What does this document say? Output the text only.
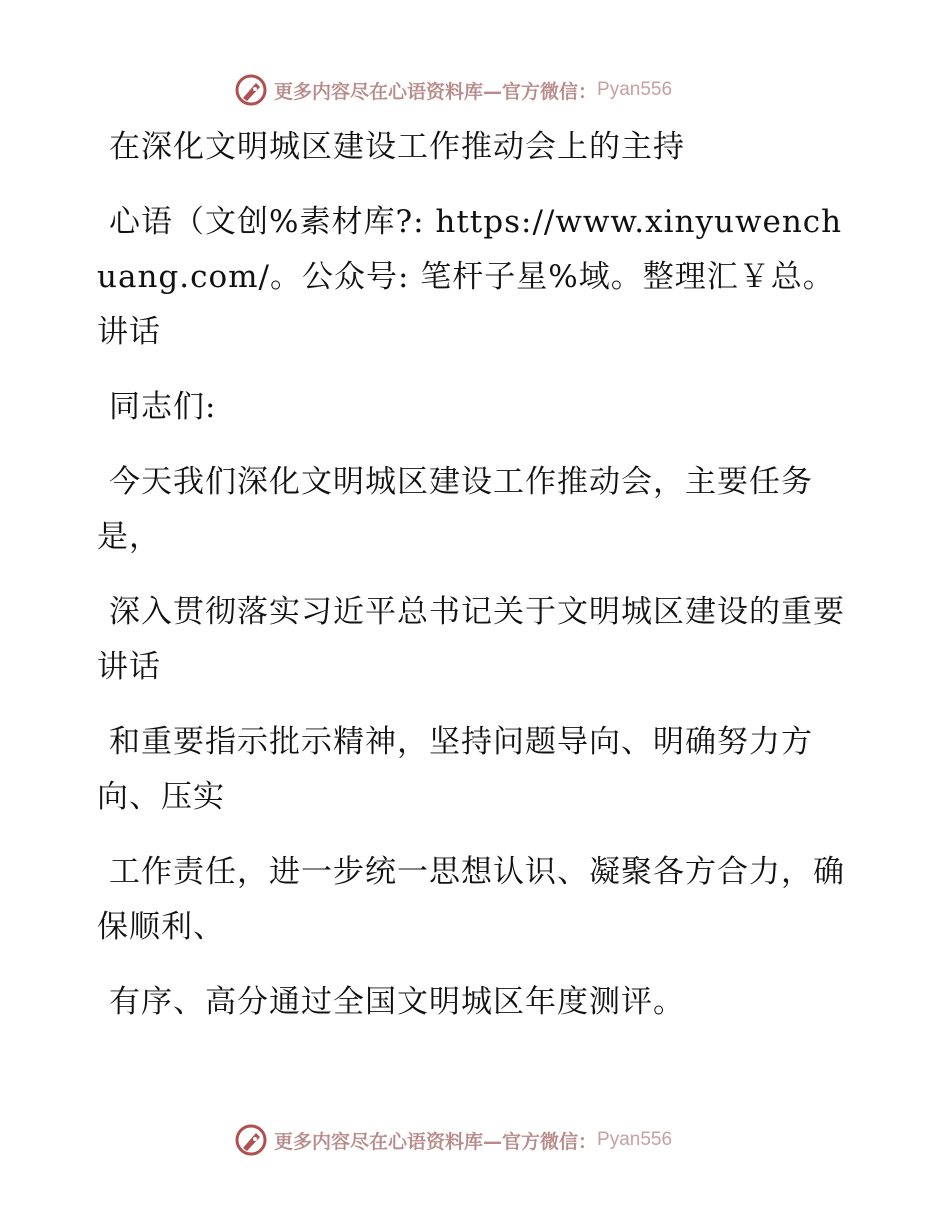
更多内容尽在心语资料库—官方微信： Pyan556

在深化文明城区建设工作推动会上的主持

心语（文创%素材库?: https://www.xinyuwenchuang.com/。公众号: 笔杆子星%域。整理汇￥总。讲话

同志们:

今天我们深化文明城区建设工作推动会，主要任务是，

深入贯彻落实习近平总书记关于文明城区建设的重要讲话

和重要指示批示精神，坚持问题导向、明确努力方向、压实

工作责任，进一步统一思想认识、凝聚各方合力，确保顺利、

有序、高分通过全国文明城区年度测评。

更多内容尽在心语资料库—官方微信： Pyan556
